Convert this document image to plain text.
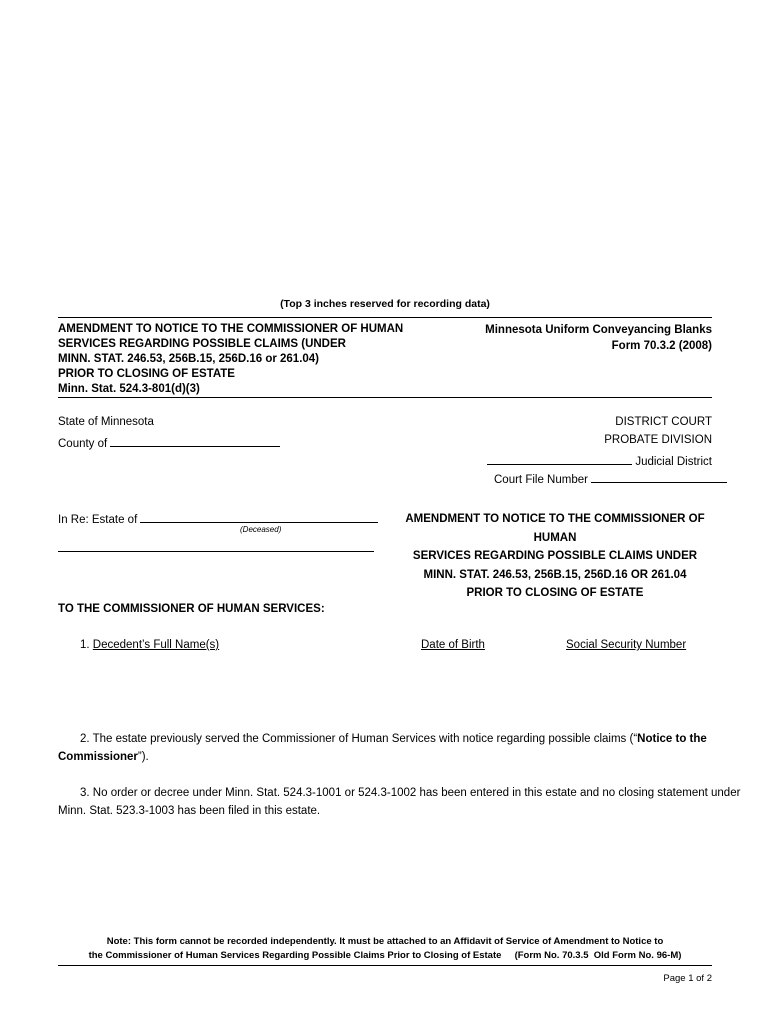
(Top 3 inches reserved for recording data)
AMENDMENT TO NOTICE TO THE COMMISSIONER OF HUMAN
SERVICES REGARDING POSSIBLE CLAIMS (UNDER
MINN. STAT. 246.53, 256B.15, 256D.16 or 261.04)
PRIOR TO CLOSING OF ESTATE
Minn. Stat. 524.3-801(d)(3)
Minnesota Uniform Conveyancing Blanks
Form 70.3.2 (2008)
State of Minnesota
County of
DISTRICT COURT
PROBATE DIVISION
Judicial District
Court File Number
In Re: Estate of
(Deceased)
AMENDMENT TO NOTICE TO THE COMMISSIONER OF HUMAN
SERVICES REGARDING POSSIBLE CLAIMS UNDER
MINN. STAT. 246.53, 256B.15, 256D.16 OR 261.04
PRIOR TO CLOSING OF ESTATE
TO THE COMMISSIONER OF HUMAN SERVICES:
1. Decedent’s Full Name(s)	Date of Birth	Social Security Number
2. The estate previously served the Commissioner of Human Services with notice regarding possible claims (“Notice to the
Commissioner”).
3. No order or decree under Minn. Stat. 524.3-1001 or 524.3-1002 has been entered in this estate and no closing statement under
Minn. Stat. 523.3-1003 has been filed in this estate.
Note: This form cannot be recorded independently. It must be attached to an Affidavit of Service of Amendment to Notice to
the Commissioner of Human Services Regarding Possible Claims Prior to Closing of Estate     (Form No. 70.3.5  Old Form No. 96-M)
Page 1 of 2
